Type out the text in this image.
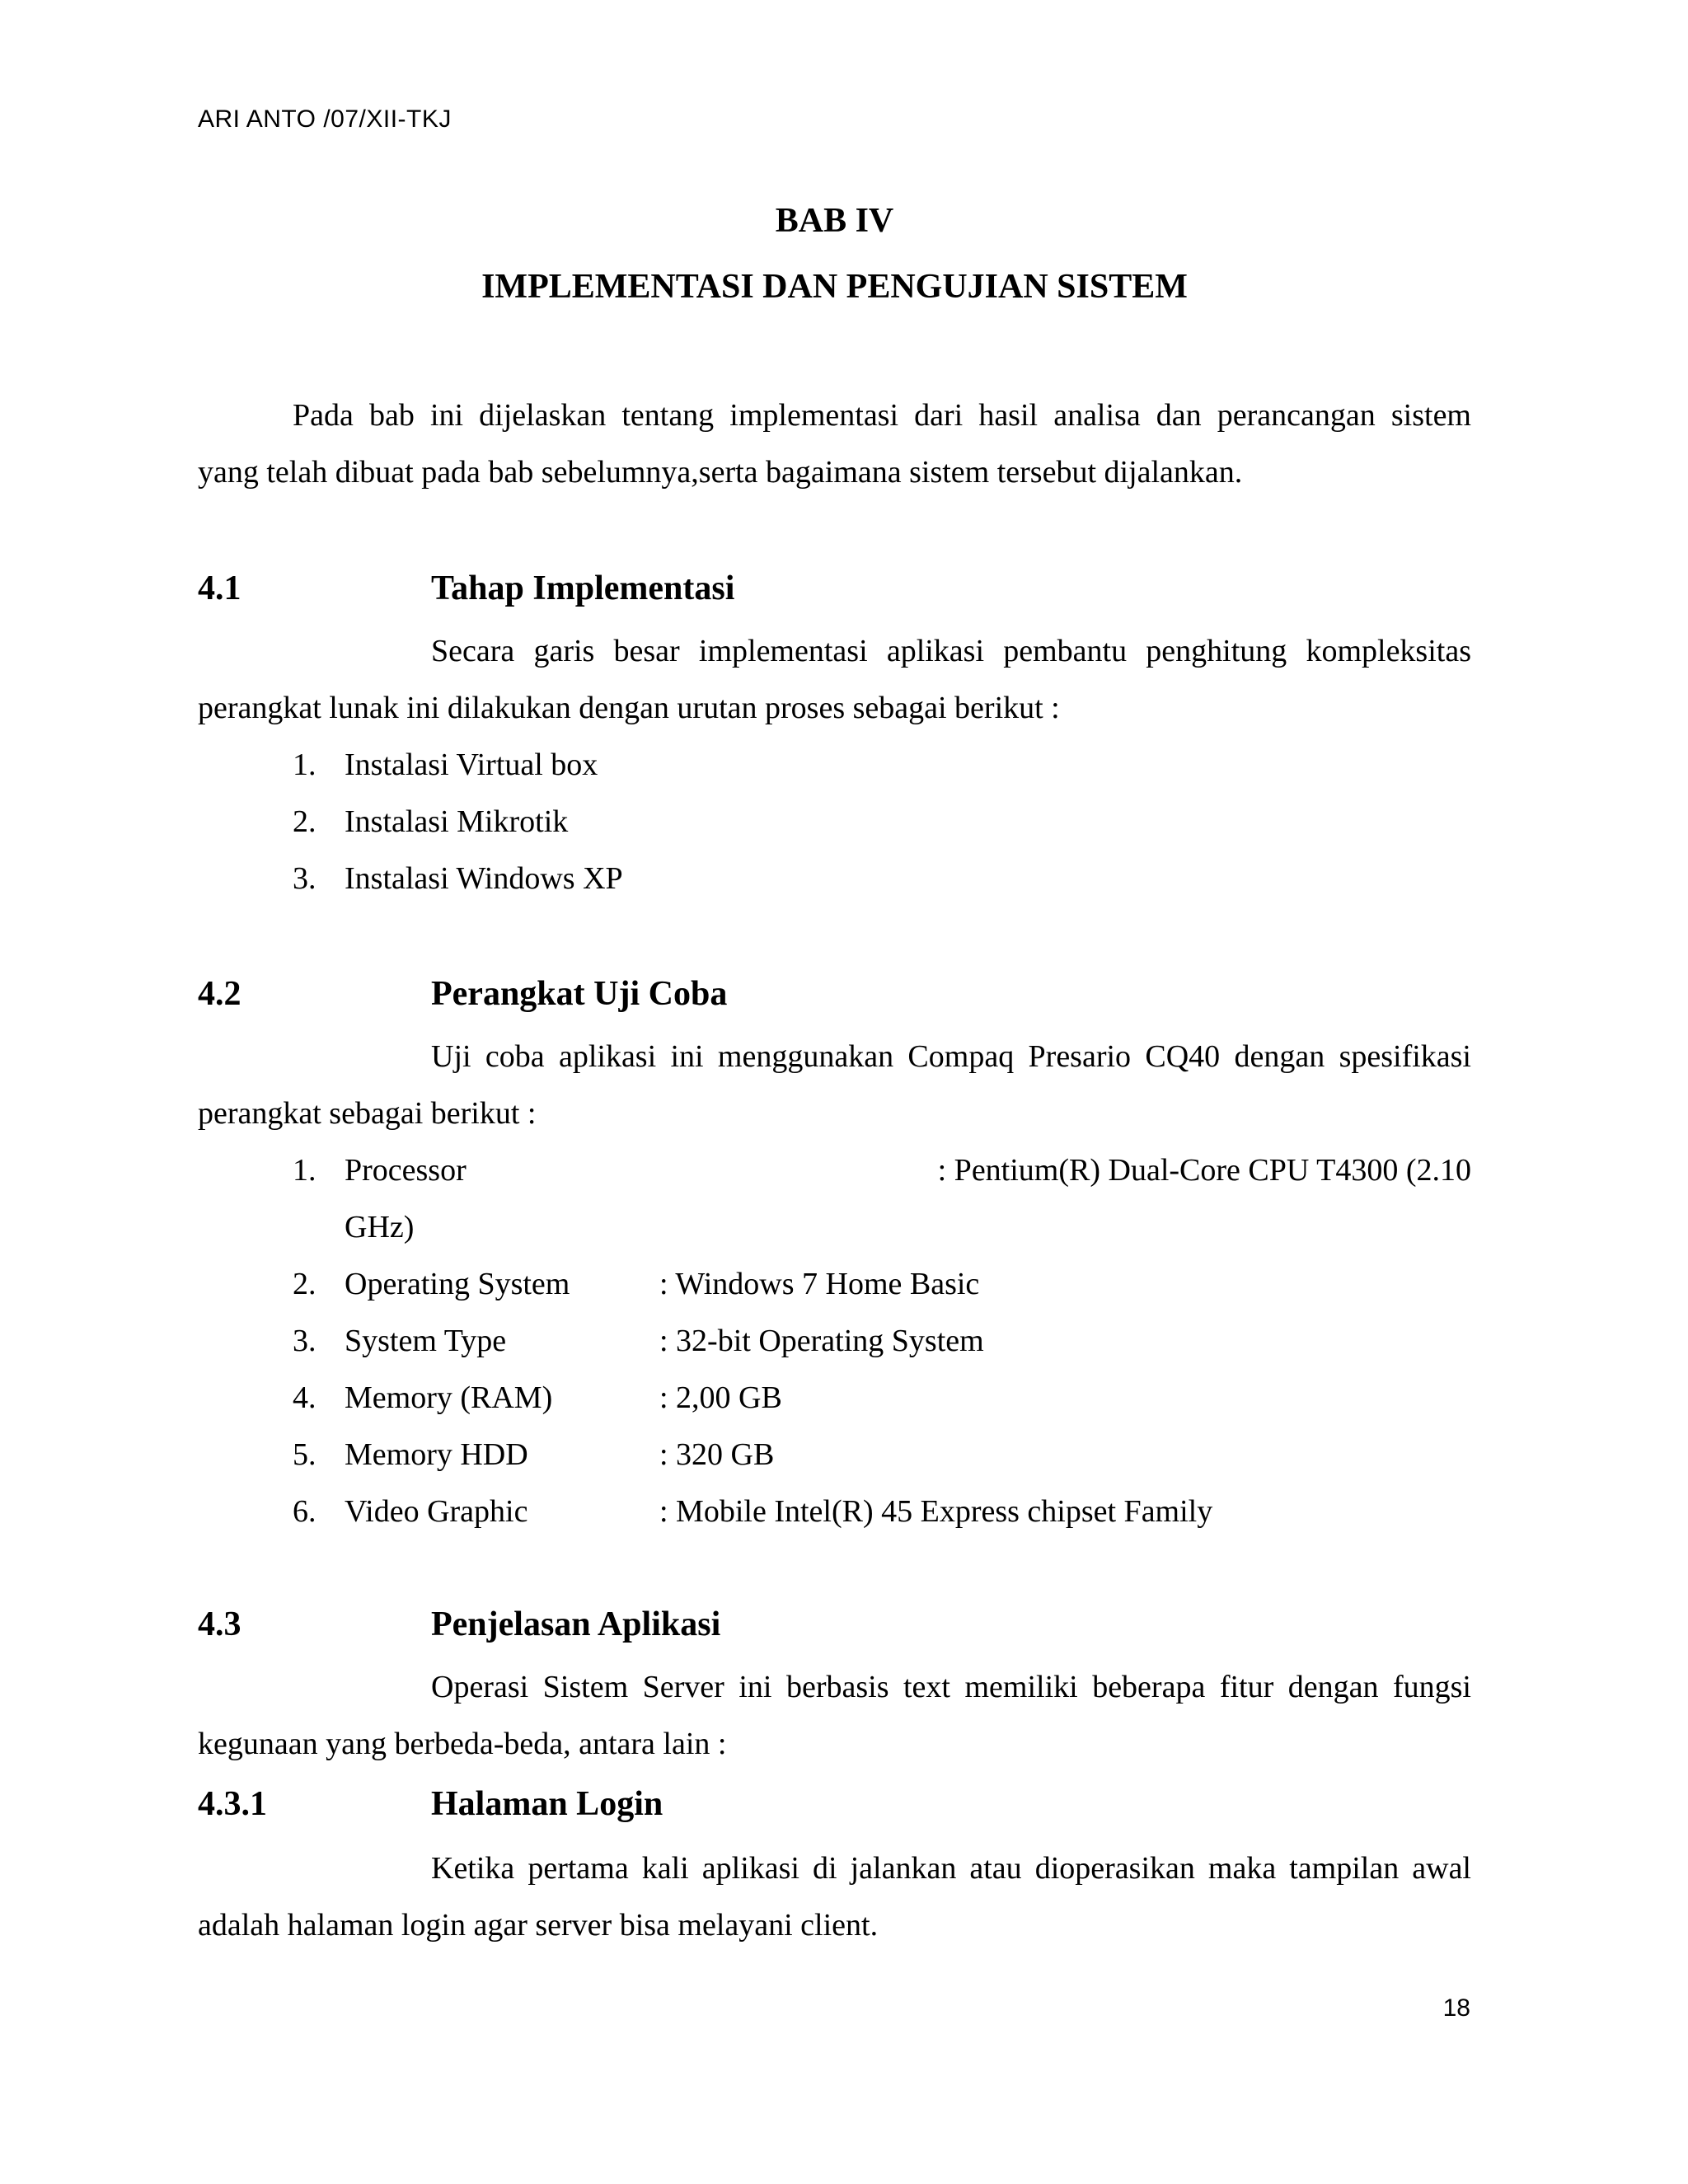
ARI ANTO /07/XII-TKJ
BAB IV
IMPLEMENTASI DAN PENGUJIAN SISTEM
Pada bab ini dijelaskan tentang implementasi dari hasil analisa dan perancangan sistem
yang telah dibuat pada bab sebelumnya,serta bagaimana sistem tersebut dijalankan.
4.1	Tahap Implementasi
Secara garis besar implementasi aplikasi pembantu penghitung kompleksitas
perangkat lunak ini dilakukan dengan urutan proses sebagai berikut :
1. Instalasi Virtual box
2. Instalasi Mikrotik
3. Instalasi Windows XP
4.2	Perangkat Uji Coba
Uji coba aplikasi ini menggunakan Compaq Presario CQ40 dengan spesifikasi
perangkat sebagai berikut :
1. Processor	: Pentium(R) Dual-Core CPU T4300 (2.10
GHz)
2. Operating System	: Windows 7 Home Basic
3. System Type	: 32-bit Operating System
4. Memory (RAM)	: 2,00 GB
5. Memory HDD	: 320 GB
6. Video Graphic	: Mobile Intel(R) 45 Express chipset Family
4.3	Penjelasan Aplikasi
Operasi Sistem Server ini berbasis text memiliki beberapa fitur dengan fungsi
kegunaan yang berbeda-beda, antara lain :
4.3.1	Halaman Login
Ketika pertama kali aplikasi di jalankan atau dioperasikan maka tampilan awal
adalah halaman login agar server bisa melayani client.
18
